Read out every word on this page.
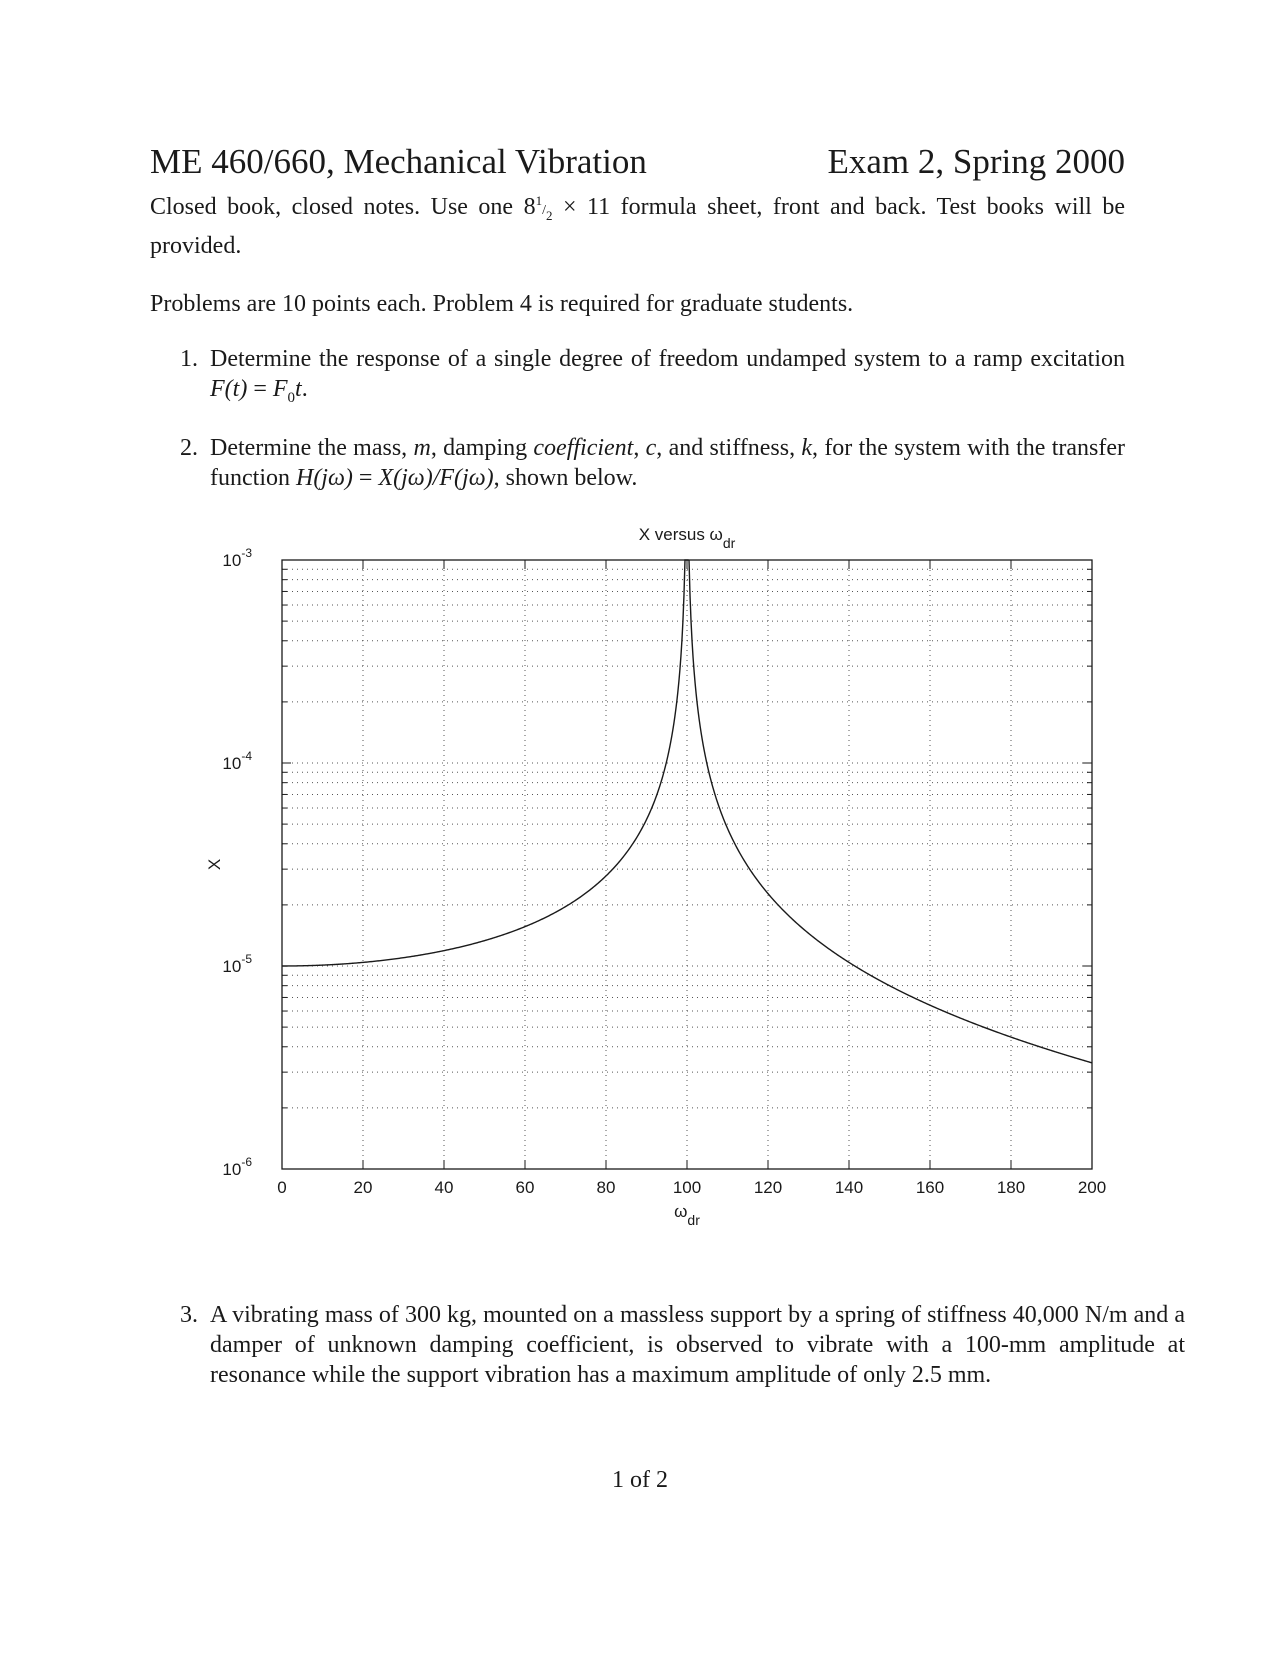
ME 460/660, Mechanical Vibration	Exam 2, Spring 2000
Closed book, closed notes. Use one $8^1/_2 \times 11$ formula sheet, front and back. Test books will be provided.
Problems are 10 points each. Problem 4 is required for graduate students.
1. Determine the response of a single degree of freedom undamped system to a ramp excitation $F(t) = F_0t$.
2. Determine the mass, m, damping coefficient, c, and stiffness, k, for the system with the transfer function H(jω) = X(jω)/F(jω), shown below.
0	20	40	60	80	100	120	140	160	180	200
$10^{-3}$
$10^{-4}$
$10^{-5}$
$10^{-6}$
X versus $\omega_{dr}$
$\omega_{dr}$
X
3. A vibrating mass of 300 kg, mounted on a massless support by a spring of stiffness 40,000 N/m and a damper of unknown damping coefficient, is observed to vibrate with a 100-mm amplitude at resonance while the support vibration has a maximum amplitude of only 2.5 mm.
1 of 2
